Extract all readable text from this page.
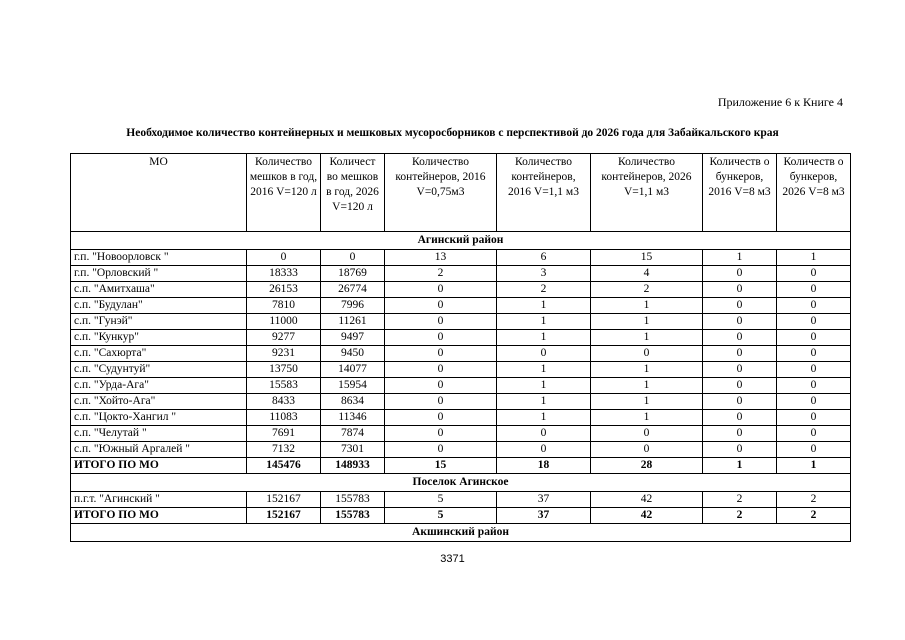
Приложение 6 к Книге 4
Необходимое количество контейнерных и мешковых мусоросборников с перспективой до 2026 года для Забайкальского края
МО	Количество мешков в год, 2016 V=120 л	Количест во мешков в год, 2026 V=120 л	Количество контейнеров, 2016 V=0,75м3	Количество контейнеров, 2016 V=1,1 м3	Количество контейнеров, 2026 V=1,1 м3	Количеств о бункеров, 2016 V=8 м3	Количеств о бункеров, 2026 V=8 м3
Агинский район							
г.п. "Новоорловск "	0	0	13	6	15	1	1
г.п. "Орловский "	18333	18769	2	3	4	0	0
с.п. "Амитхаша"	26153	26774	0	2	2	0	0
с.п. "Будулан"	7810	7996	0	1	1	0	0
с.п. "Гунэй"	11000	11261	0	1	1	0	0
с.п. "Кункур"	9277	9497	0	1	1	0	0
с.п. "Сахюрта"	9231	9450	0	0	0	0	0
с.п. "Судунтуй"	13750	14077	0	1	1	0	0
с.п. "Урда-Ага"	15583	15954	0	1	1	0	0
с.п. "Хойто-Ага"	8433	8634	0	1	1	0	0
с.п. "Цокто-Хангил "	11083	11346	0	1	1	0	0
с.п. "Челутай "	7691	7874	0	0	0	0	0
с.п. "Южный Аргалей "	7132	7301	0	0	0	0	0
ИТОГО ПО МО	145476	148933	15	18	28	1	1
Поселок Агинское							
п.г.т. "Агинский "	152167	155783	5	37	42	2	2
ИТОГО ПО МО	152167	155783	5	37	42	2	2
Акшинский район							
3371
